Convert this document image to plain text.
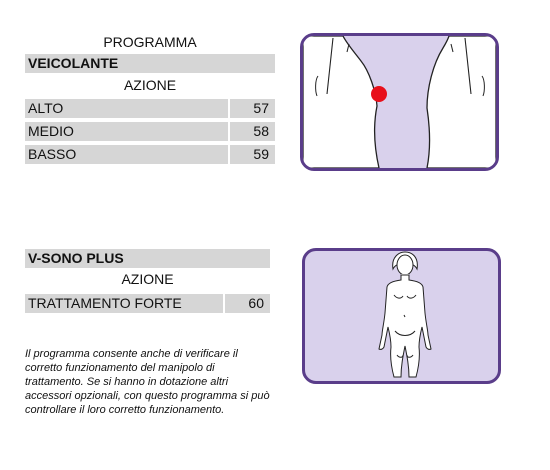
PROGRAMMA
VEICOLANTE
AZIONE
ALTO	57
MEDIO	58
BASSO	59
V-SONO PLUS
AZIONE
TRATTAMENTO FORTE	60
Il programma consente anche di verificare il corretto funzionamento del manipolo di trattamento. Se si hanno in dotazione altri accessori opzionali, con questo programma si può controllare il loro corretto funzionamento.
